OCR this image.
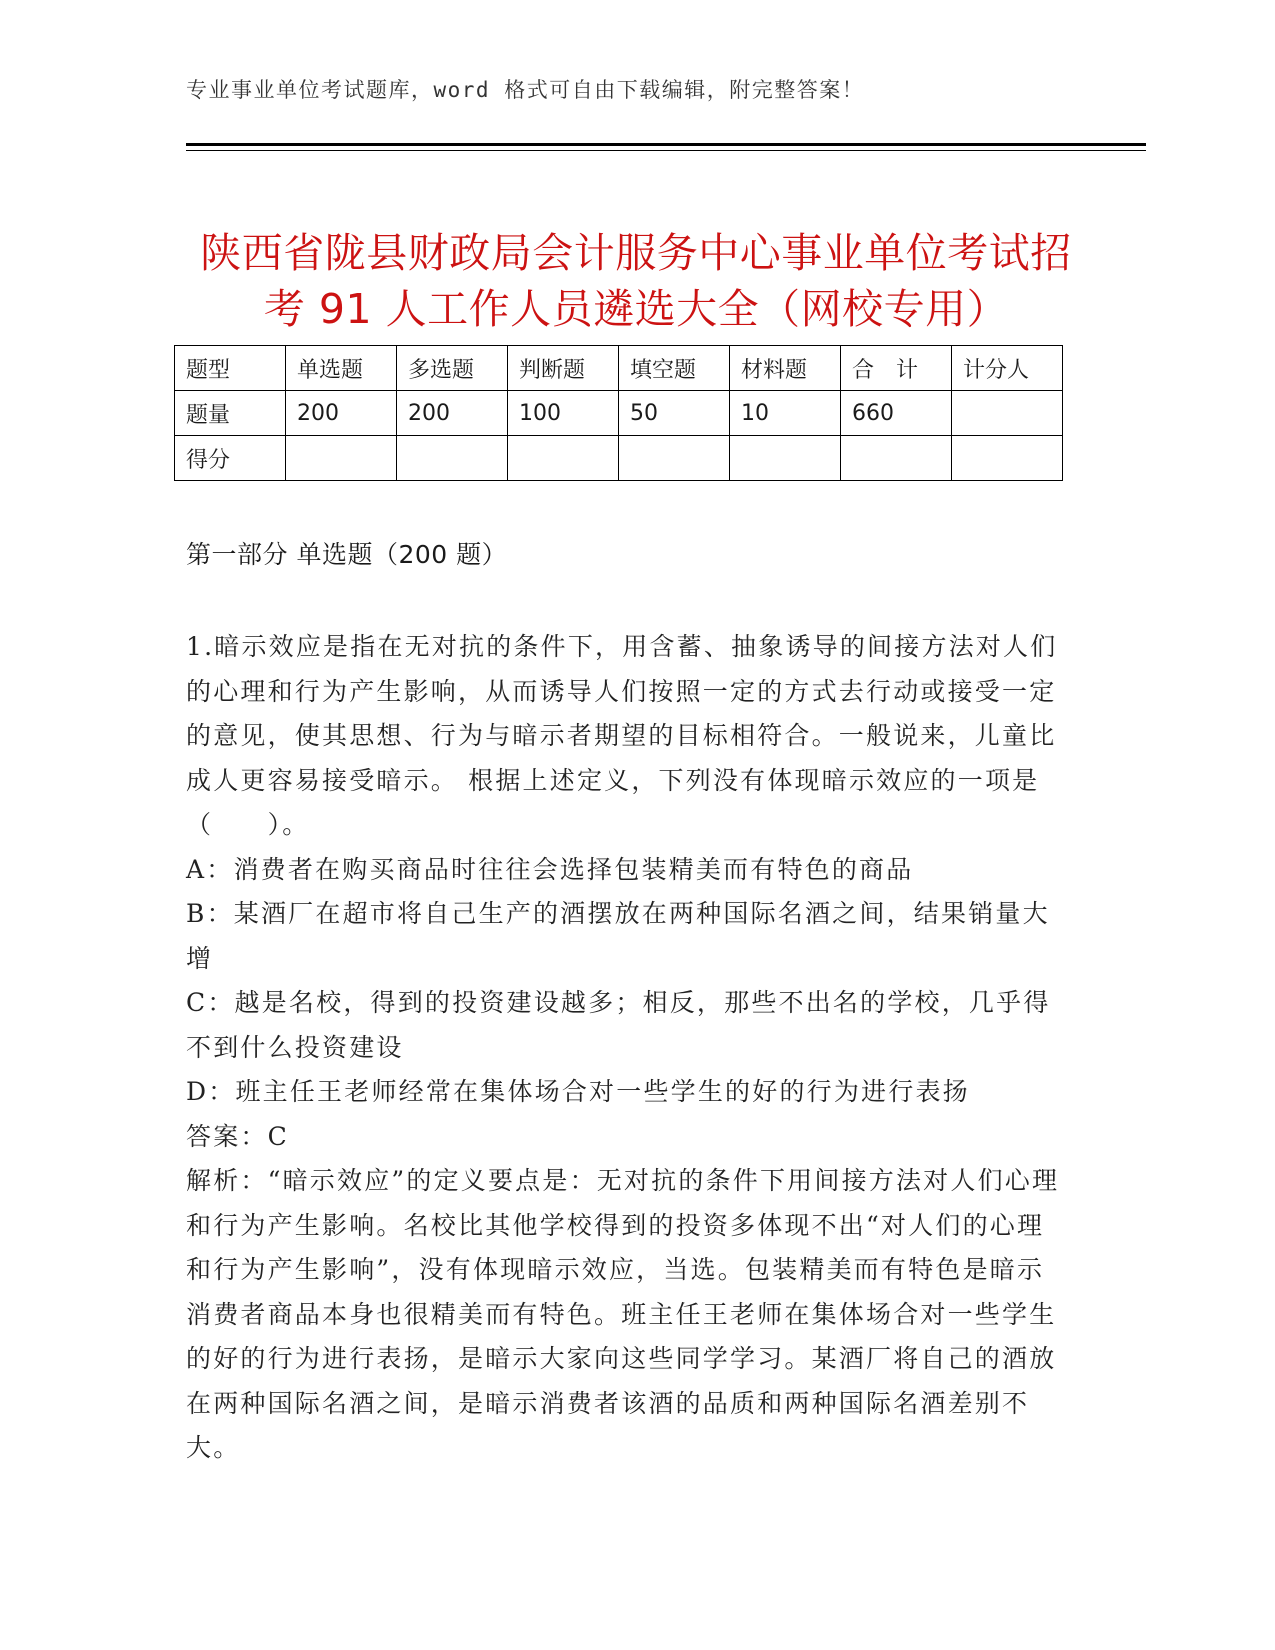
专业事业单位考试题库，word 格式可自由下载编辑，附完整答案！
陕西省陇县财政局会计服务中心事业单位考试招考 91 人工作人员遴选大全（网校专用）
题型	单选题	多选题	判断题	填空题	材料题	合　计	计分人
题量	200	200	100	50	10	660	
得分							
第一部分 单选题（200 题）

1.暗示效应是指在无对抗的条件下，用含蓄、抽象诱导的间接方法对人们的心理和行为产生影响，从而诱导人们按照一定的方式去行动或接受一定的意见，使其思想、行为与暗示者期望的目标相符合。一般说来，儿童比成人更容易接受暗示。 根据上述定义，下列没有体现暗示效应的一项是（　　）。

A：消费者在购买商品时往往会选择包装精美而有特色的商品

B：某酒厂在超市将自己生产的酒摆放在两种国际名酒之间，结果销量大增

C：越是名校，得到的投资建设越多；相反，那些不出名的学校，几乎得不到什么投资建设

D：班主任王老师经常在集体场合对一些学生的好的行为进行表扬

答案：C

解析：“暗示效应”的定义要点是：无对抗的条件下用间接方法对人们心理和行为产生影响。名校比其他学校得到的投资多体现不出“对人们的心理和行为产生影响”，没有体现暗示效应，当选。包装精美而有特色是暗示消费者商品本身也很精美而有特色。班主任王老师在集体场合对一些学生的好的行为进行表扬，是暗示大家向这些同学学习。某酒厂将自己的酒放在两种国际名酒之间，是暗示消费者该酒的品质和两种国际名酒差别不大。
